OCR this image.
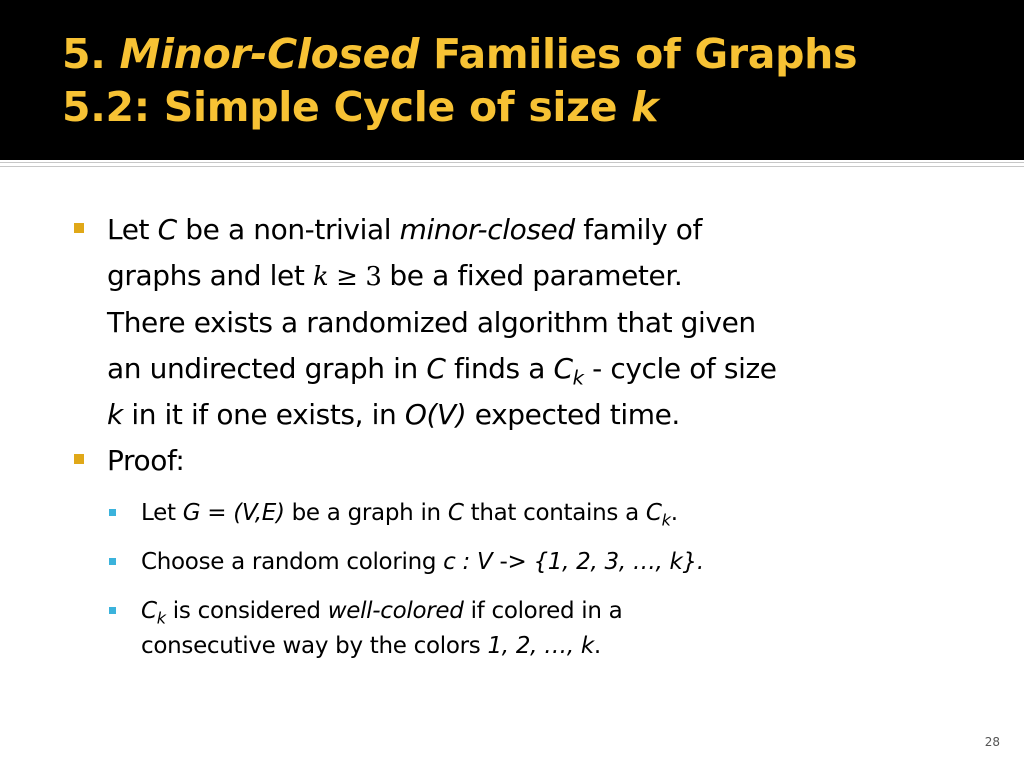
5. Minor-Closed Families of Graphs
5.2: Simple Cycle of size k
Let C be a non-trivial minor-closed family of
graphs and let k ≥ 3 be a fixed parameter.
There exists a randomized algorithm that given
an undirected graph in C finds a $C_k$ - cycle of size
k in it if one exists, in O(V) expected time.
Proof:
Let G = (V,E) be a graph in C that contains a $C_k$.
Choose a random coloring c : V -> {1, 2, 3, …, k}.
$C_k$ is considered well-colored if colored in a
consecutive way by the colors 1, 2, …, k.
28
